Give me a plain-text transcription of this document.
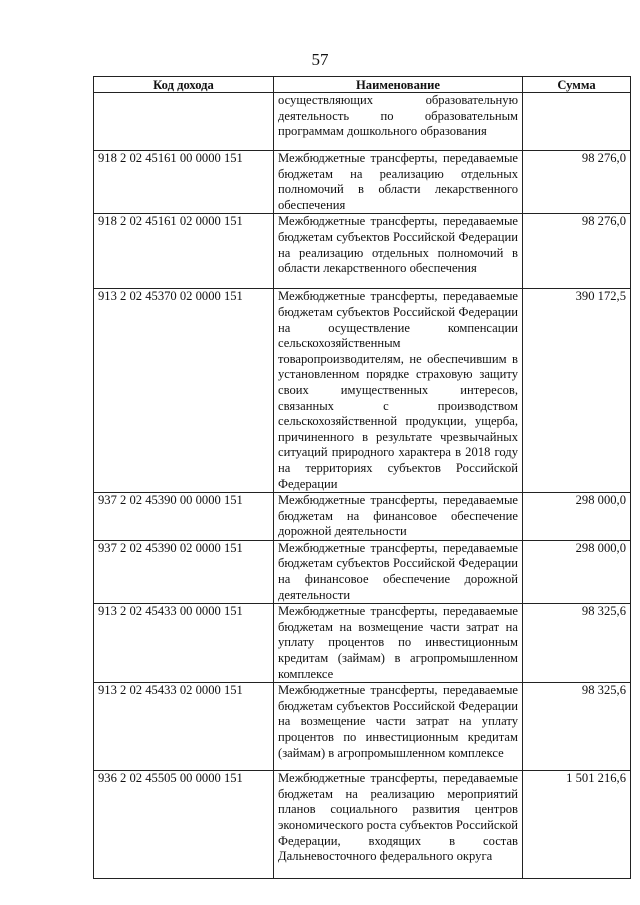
57
Код дохода	Наименование	Сумма

	осуществляющих образовательную деятельность по образовательным программам дошкольного образования	

918 2 02 45161 00 0000 151	Межбюджетные трансферты, передаваемые бюджетам на реализацию отдельных полномочий в области лекарственного обеспечения	98 276,0
918 2 02 45161 02 0000 151	Межбюджетные трансферты, передаваемые бюджетам субъектов Российской Федерации на реализацию отдельных полномочий в области лекарственного обеспечения	98 276,0
913 2 02 45370 02 0000 151	Межбюджетные трансферты, передаваемые бюджетам субъектов Российской Федерации на осуществление компенсации сельскохозяйственным товаропроизводителям, не обеспечившим в установленном порядке страховую защиту своих имущественных интересов, связанных с производством сельскохозяйственной продукции, ущерба, причиненного в результате чрезвычайных ситуаций природного характера в 2018 году на территориях субъектов Российской Федерации	390 172,5
937 2 02 45390 00 0000 151	Межбюджетные трансферты, передаваемые бюджетам на финансовое обеспечение дорожной деятельности	298 000,0
937 2 02 45390 02 0000 151	Межбюджетные трансферты, передаваемые бюджетам субъектов Российской Федерации на финансовое обеспечение дорожной деятельности	298 000,0
913 2 02 45433 00 0000 151	Межбюджетные трансферты, передаваемые бюджетам на возмещение части затрат на уплату процентов по инвестиционным кредитам (займам) в агропромышленном комплексе	98 325,6
913 2 02 45433 02 0000 151	Межбюджетные трансферты, передаваемые бюджетам субъектов Российской Федерации на возмещение части затрат на уплату процентов по инвестиционным кредитам (займам) в агропромышленном комплексе	98 325,6
936 2 02 45505 00 0000 151	Межбюджетные трансферты, передаваемые бюджетам на реализацию мероприятий планов социального развития центров экономического роста субъектов Российской Федерации, входящих в состав Дальневосточного федерального округа	1 501 216,6
